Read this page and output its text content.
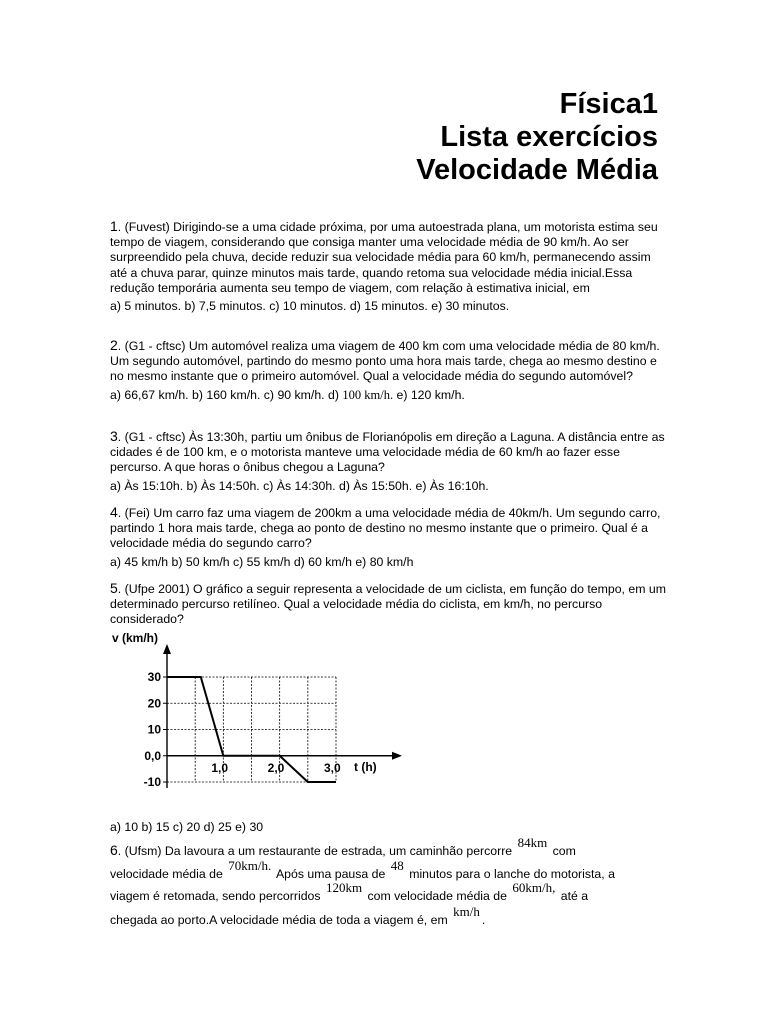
Física1
Lista exercícios
Velocidade Média

1. (Fuvest) Dirigindo-se a uma cidade próxima, por uma autoestrada plana, um motorista estima seu tempo de viagem, considerando que consiga manter uma velocidade média de 90 km/h. Ao ser surpreendido pela chuva, decide reduzir sua velocidade média para 60 km/h, permanecendo assim até a chuva parar, quinze minutos mais tarde, quando retoma sua velocidade média inicial.Essa redução temporária aumenta seu tempo de viagem, com relação à estimativa inicial, em

a) 5 minutos. b) 7,5 minutos. c) 10 minutos. d) 15 minutos. e) 30 minutos.

2. (G1 - cftsc) Um automóvel realiza uma viagem de 400 km com uma velocidade média de 80 km/h. Um segundo automóvel, partindo do mesmo ponto uma hora mais tarde, chega ao mesmo destino e no mesmo instante que o primeiro automóvel. Qual a velocidade média do segundo automóvel?

a) 66,67 km/h. b) 160 km/h. c) 90 km/h. d) 100 km/h. e) 120 km/h.

3. (G1 - cftsc) Às 13:30h, partiu um ônibus de Florianópolis em direção a Laguna. A distância entre as cidades é de 100 km, e o motorista manteve uma velocidade média de 60 km/h ao fazer esse percurso. A que horas o ônibus chegou a Laguna?

a) Às 15:10h. b) Às 14:50h. c) Às 14:30h. d) Às 15:50h. e) Às 16:10h.

4. (Fei) Um carro faz uma viagem de 200km a uma velocidade média de 40km/h. Um segundo carro, partindo 1 hora mais tarde, chega ao ponto de destino no mesmo instante que o primeiro. Qual é a velocidade média do segundo carro?

a) 45 km/h b) 50 km/h c) 55 km/h d) 60 km/h e) 80 km/h

5. (Ufpe 2001) O gráfico a seguir representa a velocidade de um ciclista, em função do tempo, em um determinado percurso retilíneo. Qual a velocidade média do ciclista, em km/h, no percurso considerado?

30
20
10
0,0
-10
1,0	2,0	3,0
v (km/h)
t (h)

a) 10 b) 15 c) 20 d) 25 e) 30

6. (Ufsm) Da lavoura a um restaurante de estrada, um caminhão percorre 84km com
velocidade média de 70km/h. Após uma pausa de 48 minutos para o lanche do motorista, a
viagem é retomada, sendo percorridos 120km com velocidade média de 60km/h, até a
chegada ao porto.A velocidade média de toda a viagem é, em km/h.
